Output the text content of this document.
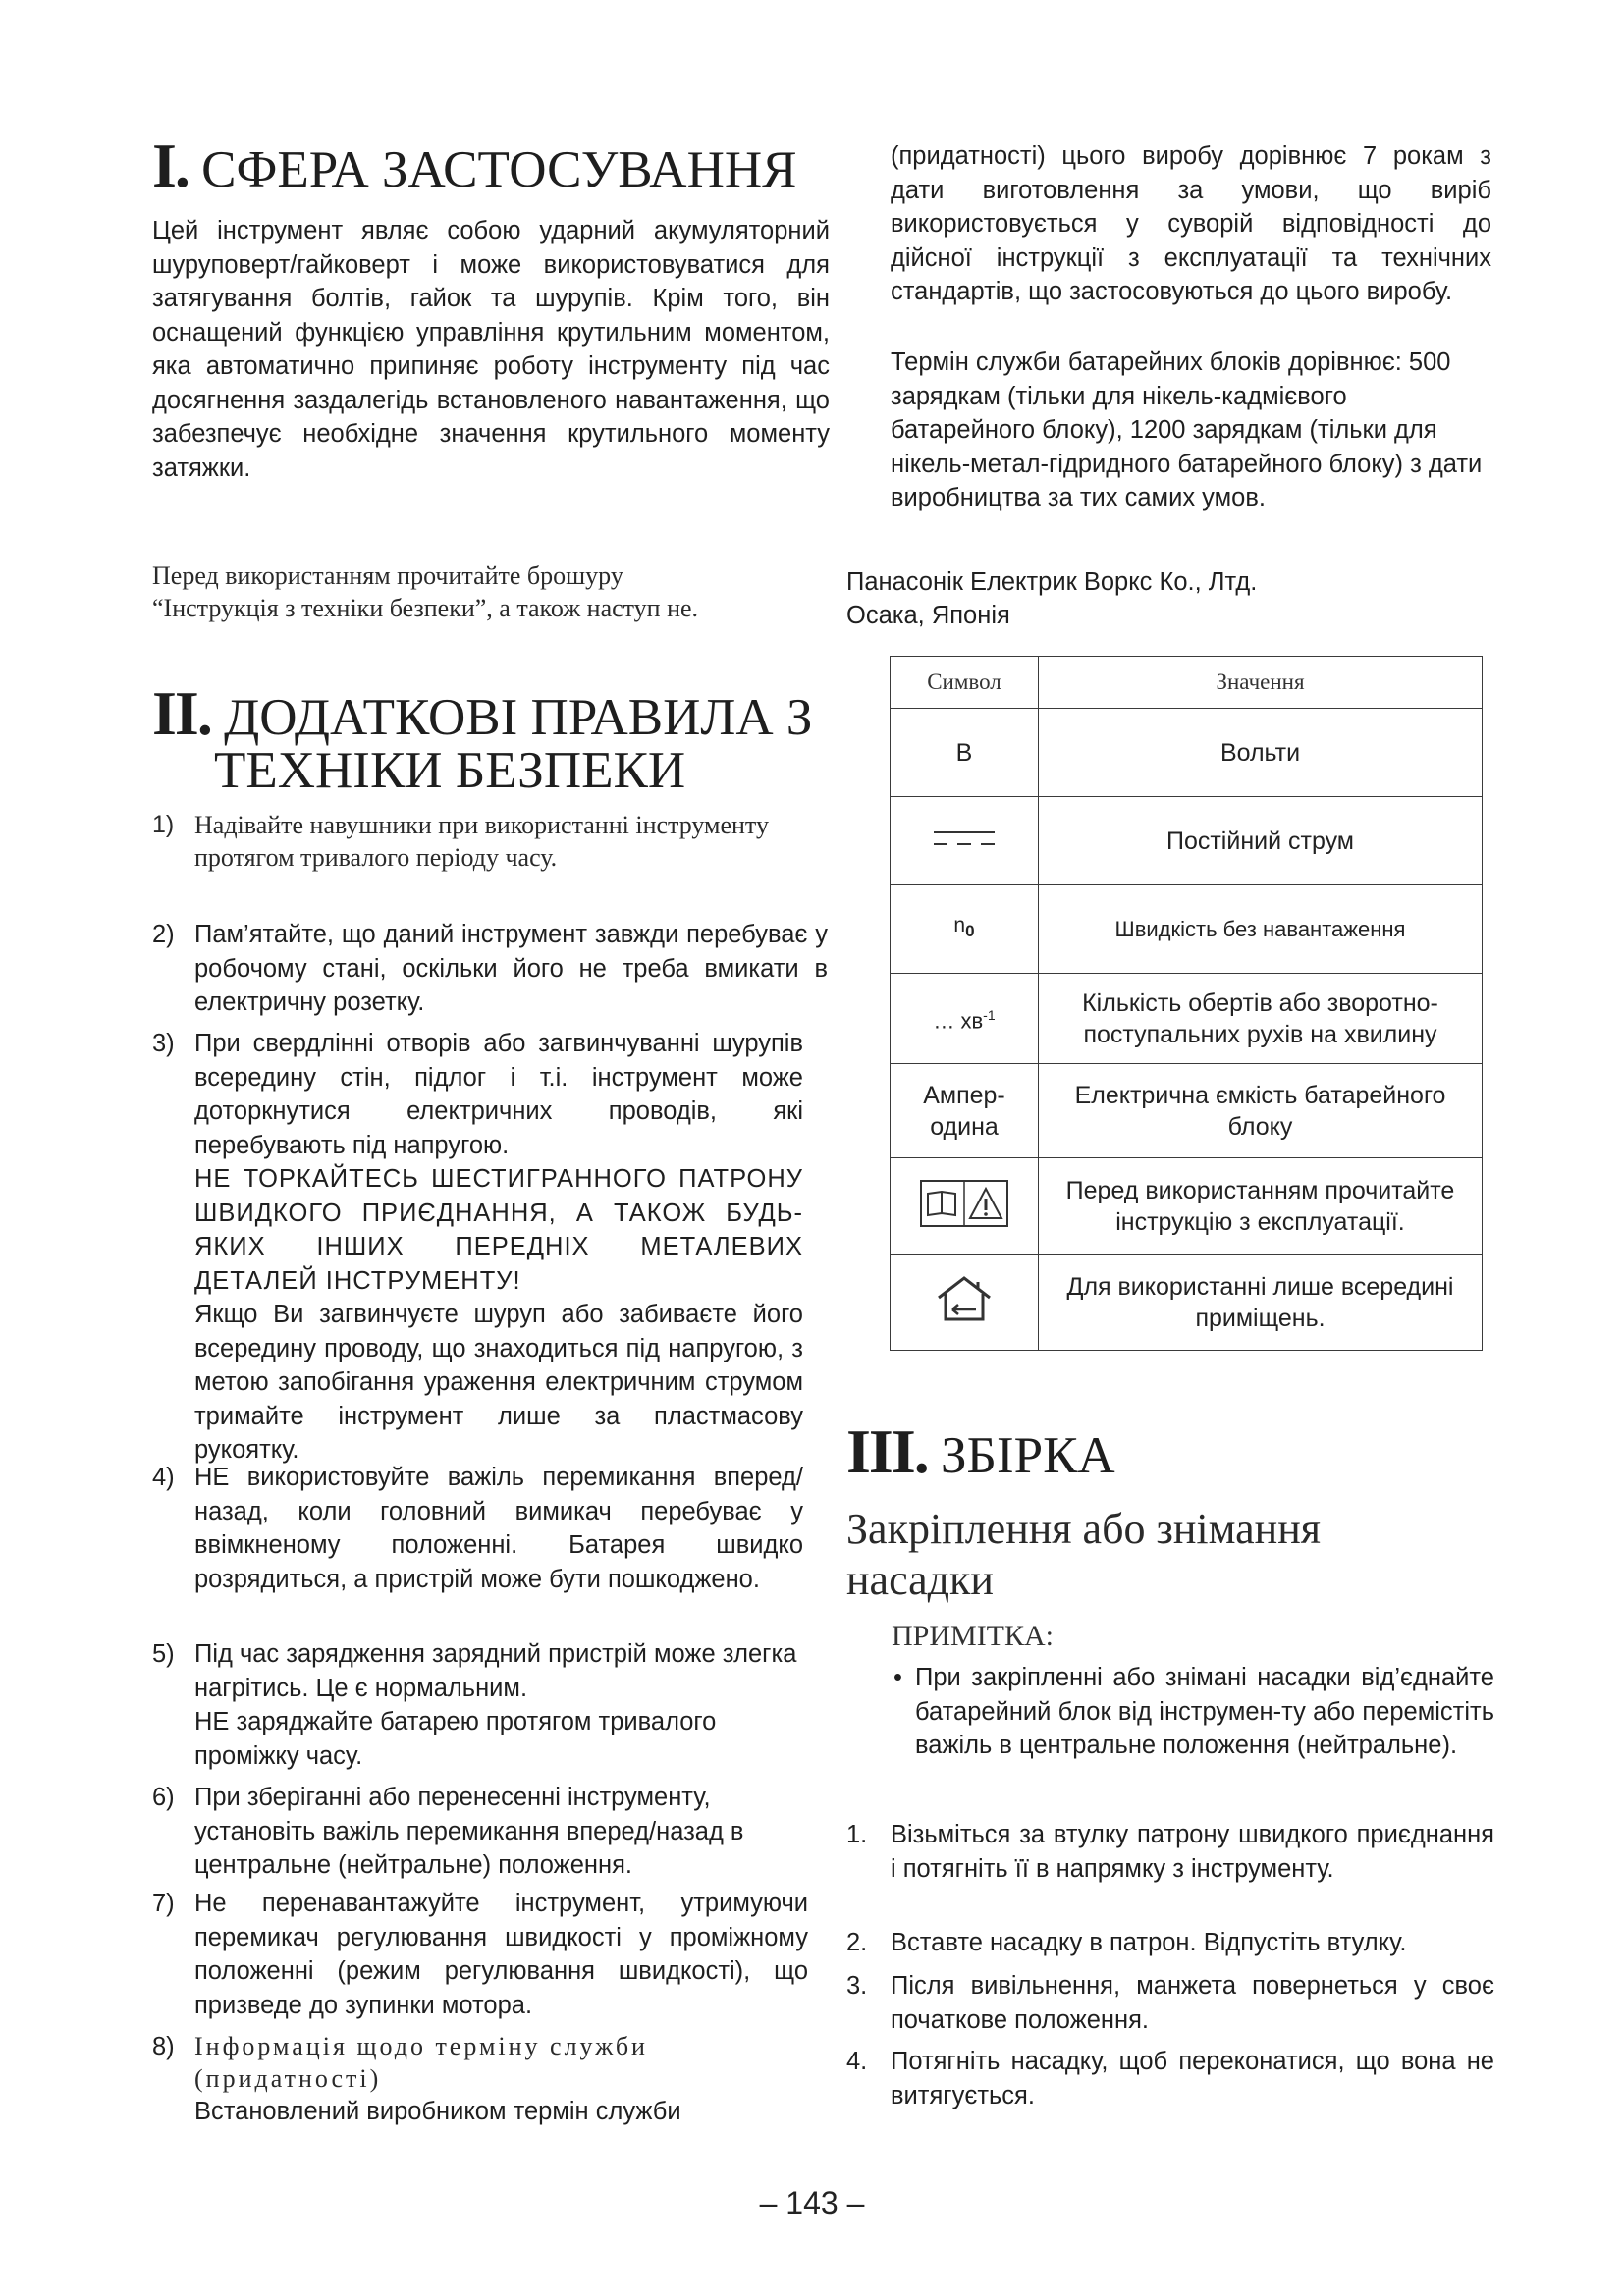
I. СФЕРА ЗАСТОСУВАННЯ
Цей інструмент являє собою ударний акумуляторний шуруповерт/гайковерт і може використовуватися для затягування болтів, гайок та шурупів. Крім того, він оснащений функцією управління крутильним моментом, яка автоматично припиняє роботу інструменту під час досягнення заздалегідь встановленого навантаження, що забезпечує необхідне значення крутильного моменту затяжки.
Перед використанням прочитайте брошуру “Інструкція з техніки безпеки”, а також наступ не.
II. ДОДАТКОВІ ПРАВИЛА З
ТЕХНІКИ БЕЗПЕКИ
1) Надівайте навушники при використанні інструменту протягом тривалого періоду часу.
2) Пам’ятайте, що даний інструмент завжди перебуває у робочому стані, оскільки його не треба вмикати в електричну розетку.
3) При свердлінні отворів або загвинчуванні шурупів всередину стін, підлог і т.і. інструмент може доторкнутися електричних проводів, які перебувають під напругою.
НЕ ТОРКАЙТЕСЬ ШЕСТИГРАННОГО ПАТРОНУ ШВИДКОГО ПРИЄДНАННЯ, А ТАКОЖ БУДЬ-ЯКИХ ІНШИХ ПЕРЕДНІХ МЕТАЛЕВИХ ДЕТАЛЕЙ ІНСТРУМЕНТУ!
Якщо Ви загвинчуєте шуруп або забиваєте його всередину проводу, що знаходиться під напругою, з метою запобігання ураження електричним струмом тримайте інструмент лише за пластмасову рукоятку.
4) НЕ використовуйте важіль перемикання вперед/назад, коли головний вимикач перебуває у ввімкненому положенні. Батарея швидко розрядиться, а пристрій може бути пошкоджено.
5) Під час зарядження зарядний пристрій може злегка нагрітись. Це є нормальним.
НЕ заряджайте батарею протягом тривалого проміжку часу.
6) При зберіганні або перенесенні інструменту, установіть важіль перемикання вперед/назад в центральне (нейтральне) положення.
7) Не перенавантажуйте інструмент, утримуючи перемикач регулювання швидкості у проміжному положенні (режим регулювання швидкості), що призведе до зупинки мотора.
8) Інформація щодо терміну служби (придатності)
Встановлений виробником термін служби
(придатності) цього виробу дорівнює 7 рокам з дати виготовлення за умови, що виріб використовується у суворій відповідності до дійсної інструкції з експлуатації та технічних стандартів, що застосовуються до цього виробу.
Термін служби батарейних блоків дорівнює: 500 зарядкам (тільки для нікель-кадмієвого батарейного блоку), 1200 зарядкам (тільки для нікель-метал-гідридного батарейного блоку) з дати виробництва за тих самих умов.
Панасонік Електрик Воркс Ко., Лтд.
Осака, Японія
Символ	Значення
В	Вольти
	Постійний струм
$n_0$	Швидкість без навантаження
… $хв^{-1}$	Кількість обертів або зворотно-поступальних рухів на хвилину
Ампер-одина	Електрична ємкість батарейного блоку
	Перед використанням прочитайте інструкцію з експлуатації.
	Для використанні лише всередині приміщень.
III. ЗБІРКА
Закріплення або знімання насадки
ПРИМІТКА:
• При закріпленні або знімані насадки від’єднайте батарейний блок від інструмен-ту або перемістіть важіль в центральне положення (нейтральне).
1. Візьміться за втулку патрону швидкого приєднання і потягніть її в напрямку з інструменту.
2. Вставте насадку в патрон. Відпустіть втулку.
3. Після вивільнення, манжета повернеться у своє початкове положення.
4. Потягніть насадку, щоб переконатися, що вона не витягується.
– 143 –
